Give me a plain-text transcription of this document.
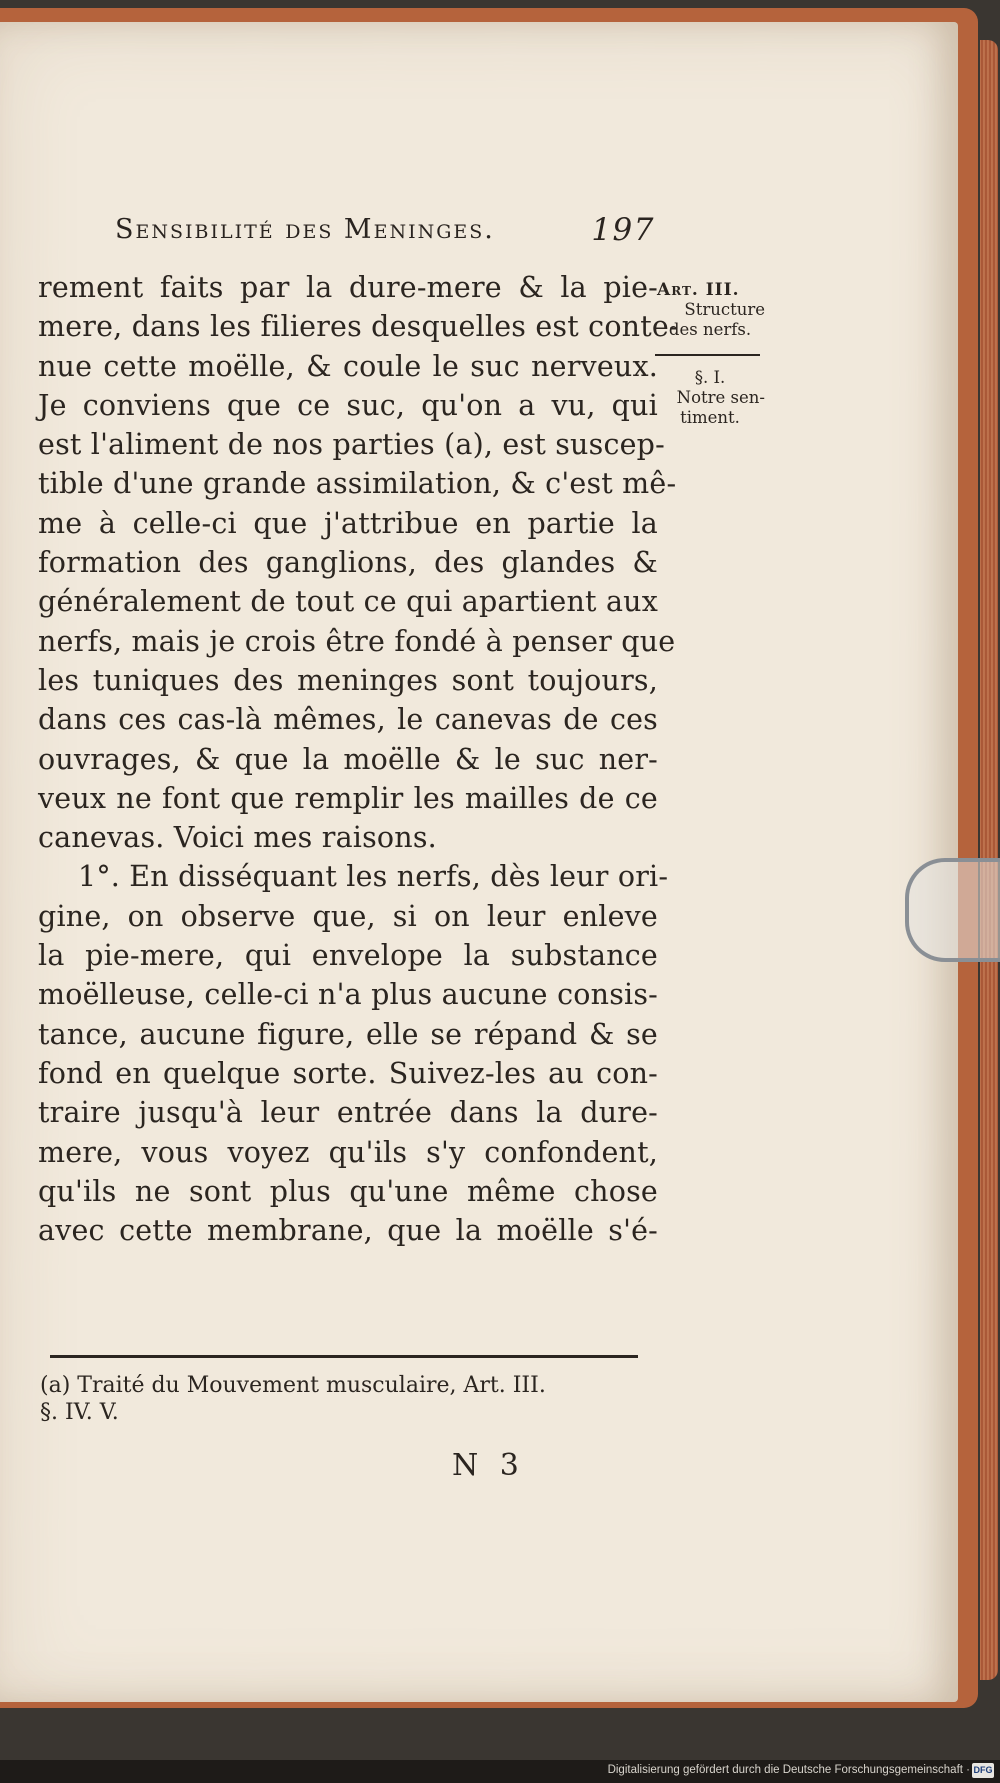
Sensibilité des Meninges.	197
rement faits par la dure-mere & la pie-
mere, dans les filieres desquelles est conte-
nue cette moëlle, & coule le suc nerveux.
Je conviens que ce suc, qu'on a vu, qui
est l'aliment de nos parties (a), est suscep-
tible d'une grande assimilation, & c'est mê-
me à celle-ci que j'attribue en partie la
formation des ganglions, des glandes &
généralement de tout ce qui apartient aux
nerfs, mais je crois être fondé à penser que
les tuniques des meninges sont toujours,
dans ces cas-là mêmes, le canevas de ces
ouvrages, & que la moëlle & le suc ner-
veux ne font que remplir les mailles de ce
canevas. Voici mes raisons.
1°. En disséquant les nerfs, dès leur ori-
gine, on observe que, si on leur enleve
la pie-mere, qui envelope la substance
moëlleuse, celle-ci n'a plus aucune consis-
tance, aucune figure, elle se répand & se
fond en quelque sorte. Suivez-les au con-
traire jusqu'à leur entrée dans la dure-
mere, vous voyez qu'ils s'y confondent,
qu'ils ne sont plus qu'une même chose
avec cette membrane, que la moëlle s'é-
Art. III.
Structure
des nerfs.
§. I.
Notre sen-
timent.
(a) Traité du Mouvement musculaire, Art. III.
§. IV. V.
N 3
Digitalisierung gefördert durch die Deutsche Forschungsgemeinschaft · DFG
